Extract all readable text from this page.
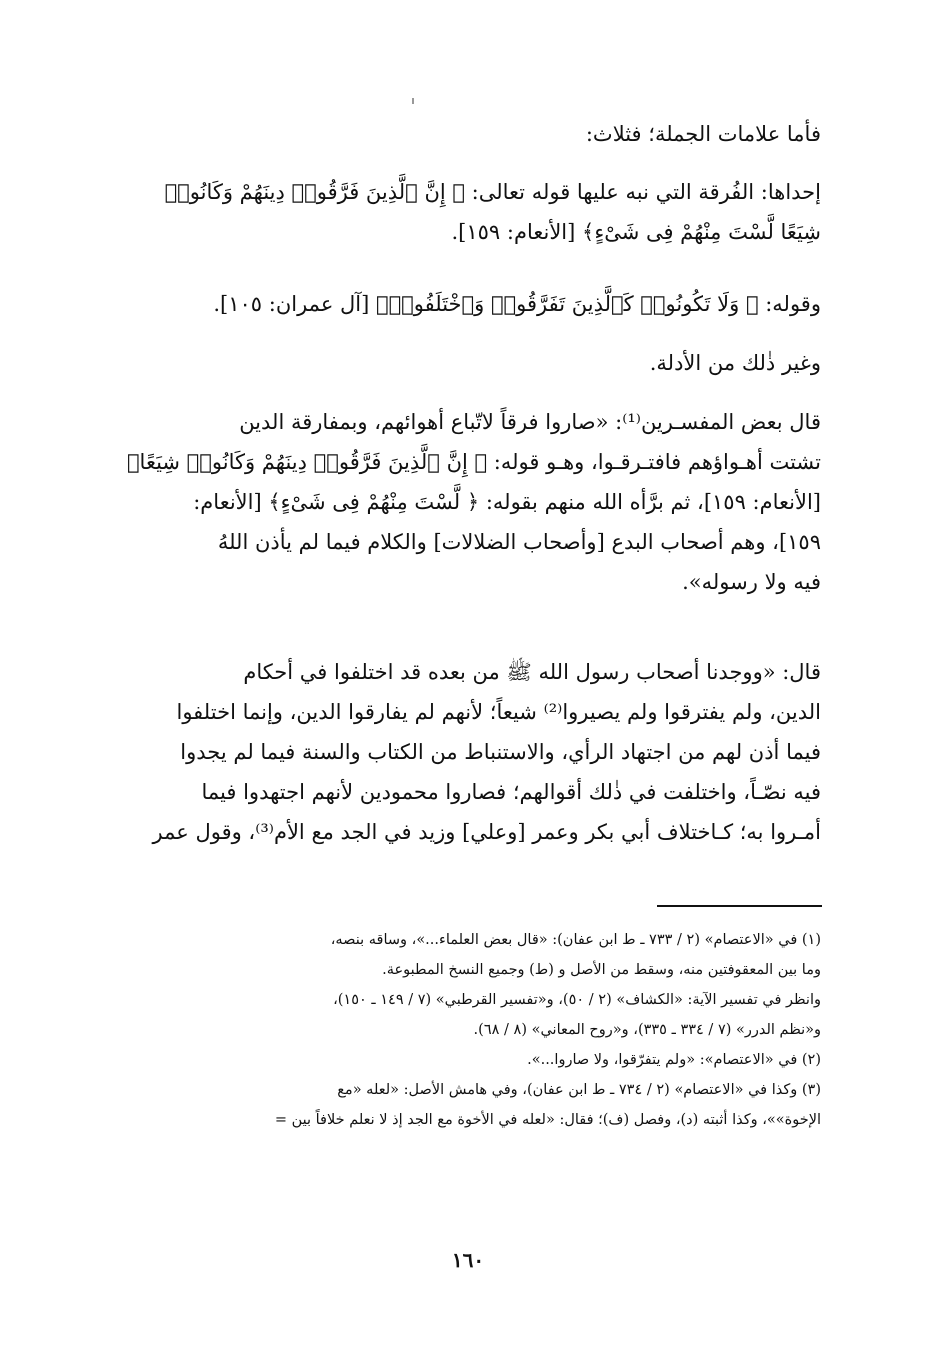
فأما علامات الجملة؛ فثلاث:
إحداها: الفُرقة التي نبه عليها قوله تعالى: ﴿ إِنَّ ٱلَّذِينَ فَرَّقُوا۟ دِينَهُمْ وَكَانُوا۟
شِيَعًا لَّسْتَ مِنْهُمْ فِى شَىْءٍ﴾ [الأنعام: ١٥٩].
وقوله: ﴿ وَلَا تَكُونُوا۟ كَٱلَّذِينَ تَفَرَّقُوا۟ وَٱخْتَلَفُوا۟﴾ [آل عمران: ١٠٥].
وغير ذٰلك من الأدلة.
قال بعض المفسـرين⁽¹⁾: «صاروا فرقاً لاتّباع أهوائهم، وبمفارقة الدين
تشتت أهـواؤهم فافتـرقـوا، وهـو قوله: ﴿ إِنَّ ٱلَّذِينَ فَرَّقُوا۟ دِينَهُمْ وَكَانُوا۟ شِيَعًا﴾
[الأنعام: ١٥٩]، ثم برَّأه الله منهم بقوله: ﴿ لَّسْتَ مِنْهُمْ فِى شَىْءٍ﴾ [الأنعام:
١٥٩]، وهم أصحاب البدع [وأصحاب الضلالات] والكلام فيما لم يأذن اللهُ
فيه ولا رسوله».
قال: «ووجدنا أصحاب رسول الله ﷺ من بعده قد اختلفوا في أحكام
الدين، ولم يفترقوا ولم يصيروا⁽²⁾ شيعاً؛ لأنهم لم يفارقوا الدين، وإنما اختلفوا
فيما أذن لهم من اجتهاد الرأي، والاستنباط من الكتاب والسنة فيما لم يجدوا
فيه نصّـاً، واختلفت في ذٰلك أقوالهم؛ فصاروا محمودين لأنهم اجتهدوا فيما
أمـروا به؛ كـاختلاف أبي بكر وعمر [وعلي] وزيد في الجد مع الأم⁽³⁾، وقول عمر
(١) في «الاعتصام» (٢ / ٧٣٣ ـ ط ابن عفان): «قال بعض العلماء...»، وساقه بنصه،
وما بين المعقوفتين منه، وسقط من الأصل و (ط) وجميع النسخ المطبوعة.
وانظر في تفسير الآية: «الكشاف» (٢ / ٥٠)، و«تفسير القرطبي» (٧ / ١٤٩ ـ ١٥٠)،
و«نظم الدرر» (٧ / ٣٣٤ ـ ٣٣٥)، و«روح المعاني» (٨ / ٦٨).
(٢) في «الاعتصام»: «ولم يتفرّقوا، ولا صاروا...».
(٣) وكذا في «الاعتصام» (٢ / ٧٣٤ ـ ط ابن عفان)، وفي هامش الأصل: «لعله «مع
الإخوة»»، وكذا أثبته (د)، وفصل (ف)؛ فقال: «لعله في الأخوة مع الجد إذ لا نعلم خلافاً بين =
١٦٠
